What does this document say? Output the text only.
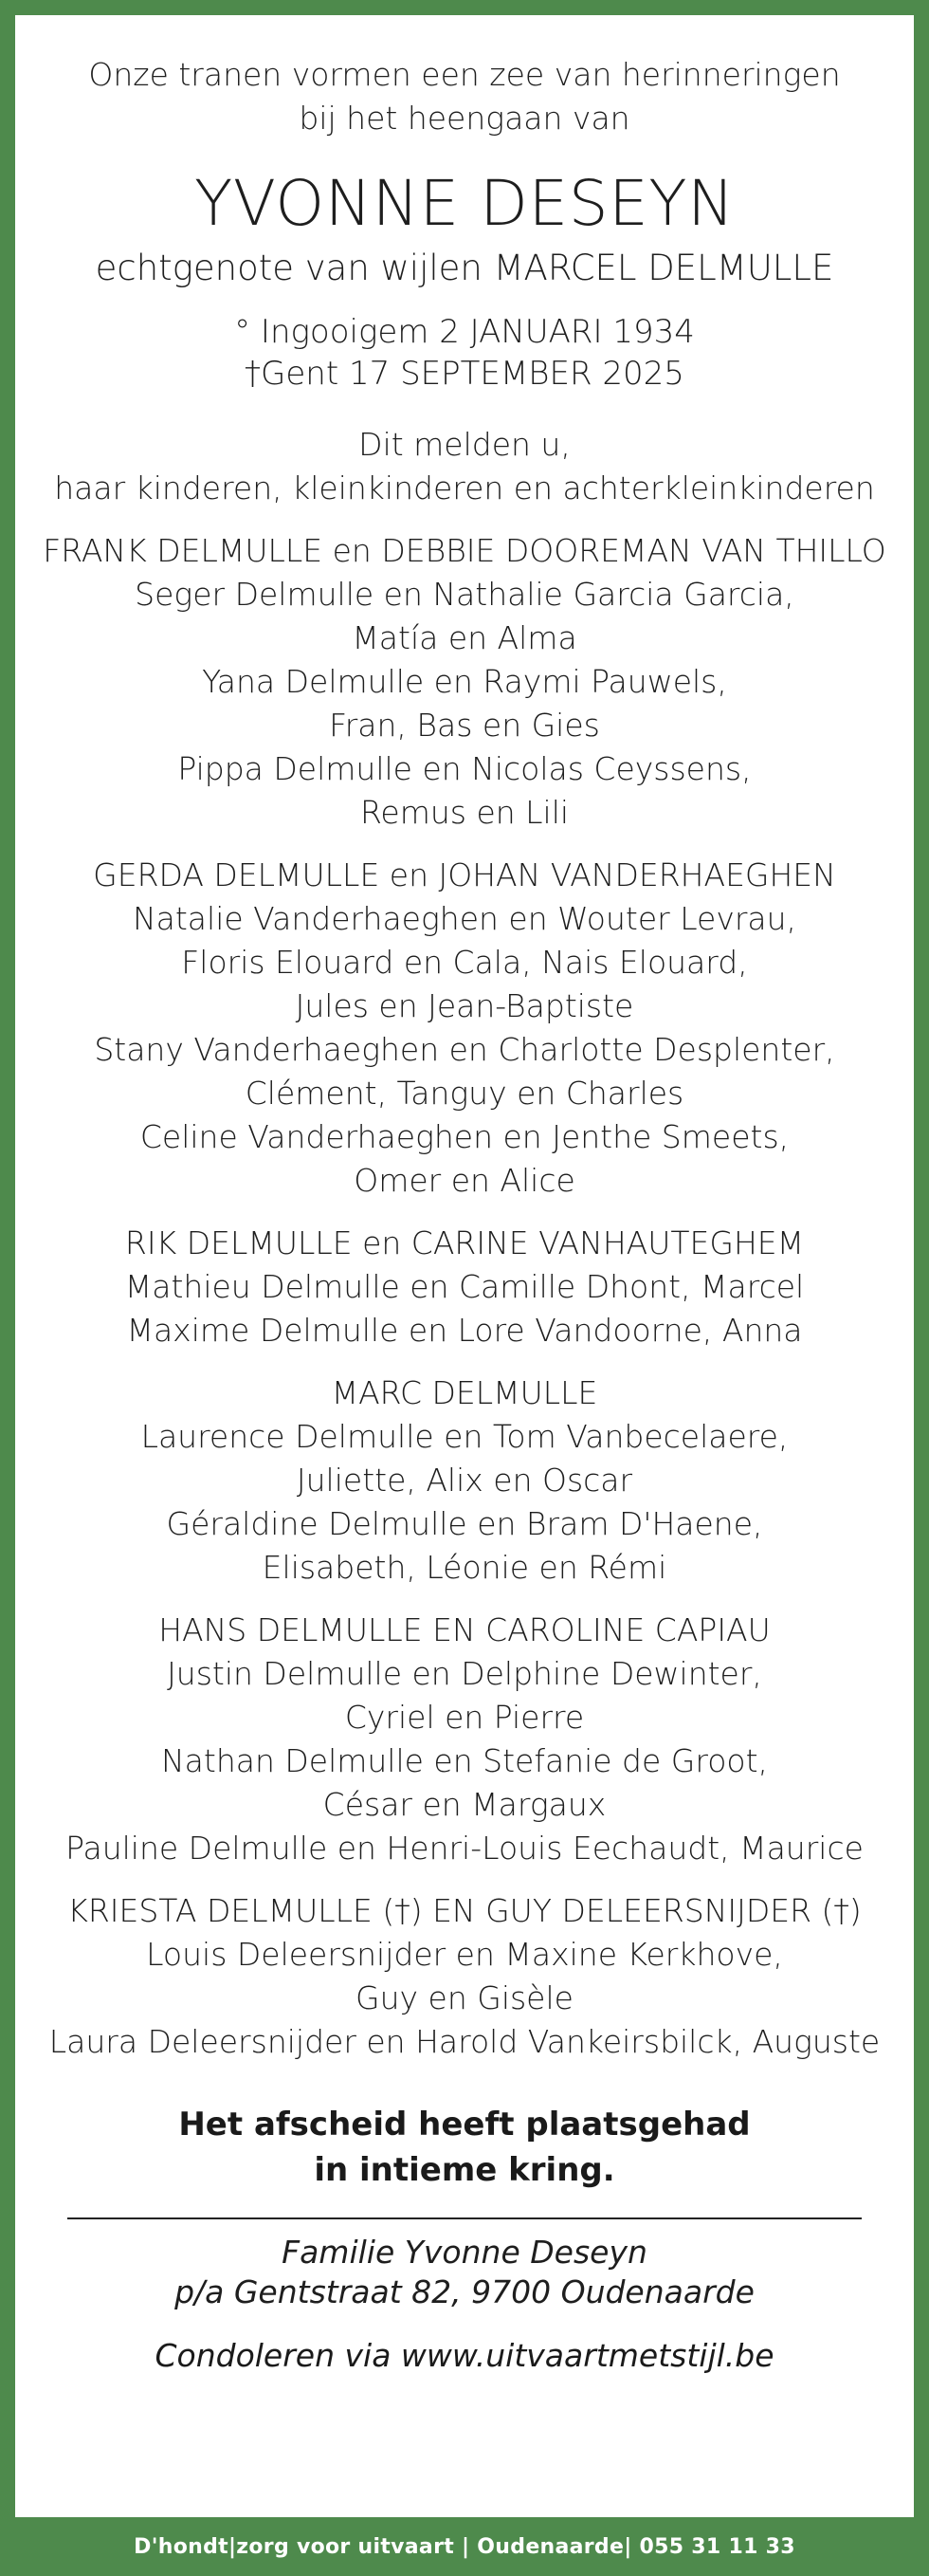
Onze tranen vormen een zee van herinneringen
bij het heengaan van
YVONNE DESEYN
echtgenote van wijlen MARCEL DELMULLE
° Ingooigem 2 JANUARI 1934
†Gent 17 SEPTEMBER 2025
Dit melden u,
haar kinderen, kleinkinderen en achterkleinkinderen
FRANK DELMULLE en DEBBIE DOOREMAN VAN THILLO
Seger Delmulle en Nathalie Garcia Garcia,
Matía en Alma
Yana Delmulle en Raymi Pauwels,
Fran, Bas en Gies
Pippa Delmulle en Nicolas Ceyssens,
Remus en Lili
GERDA DELMULLE en JOHAN VANDERHAEGHEN
Natalie Vanderhaeghen en Wouter Levrau,
Floris Elouard en Cala, Nais Elouard,
Jules en Jean-Baptiste
Stany Vanderhaeghen en Charlotte Desplenter,
Clément, Tanguy en Charles
Celine Vanderhaeghen en Jenthe Smeets,
Omer en Alice
RIK DELMULLE en CARINE VANHAUTEGHEM
Mathieu Delmulle en Camille Dhont, Marcel
Maxime Delmulle en Lore Vandoorne, Anna
MARC DELMULLE
Laurence Delmulle en Tom Vanbecelaere,
Juliette, Alix en Oscar
Géraldine Delmulle en Bram D'Haene,
Elisabeth, Léonie en Rémi
HANS DELMULLE EN CAROLINE CAPIAU
Justin Delmulle en Delphine Dewinter,
Cyriel en Pierre
Nathan Delmulle en Stefanie de Groot,
César en Margaux
Pauline Delmulle en Henri-Louis Eechaudt, Maurice
KRIESTA DELMULLE (†) EN GUY DELEERSNIJDER (†)
Louis Deleersnijder en Maxine Kerkhove,
Guy en Gisèle
Laura Deleersnijder en Harold Vankeirsbilck, Auguste
Het afscheid heeft plaatsgehad
in intieme kring.
Familie Yvonne Deseyn
p/a Gentstraat 82, 9700 Oudenaarde
Condoleren via www.uitvaartmetstijl.be
D'hondt|zorg voor uitvaart | Oudenaarde| 055 31 11 33
